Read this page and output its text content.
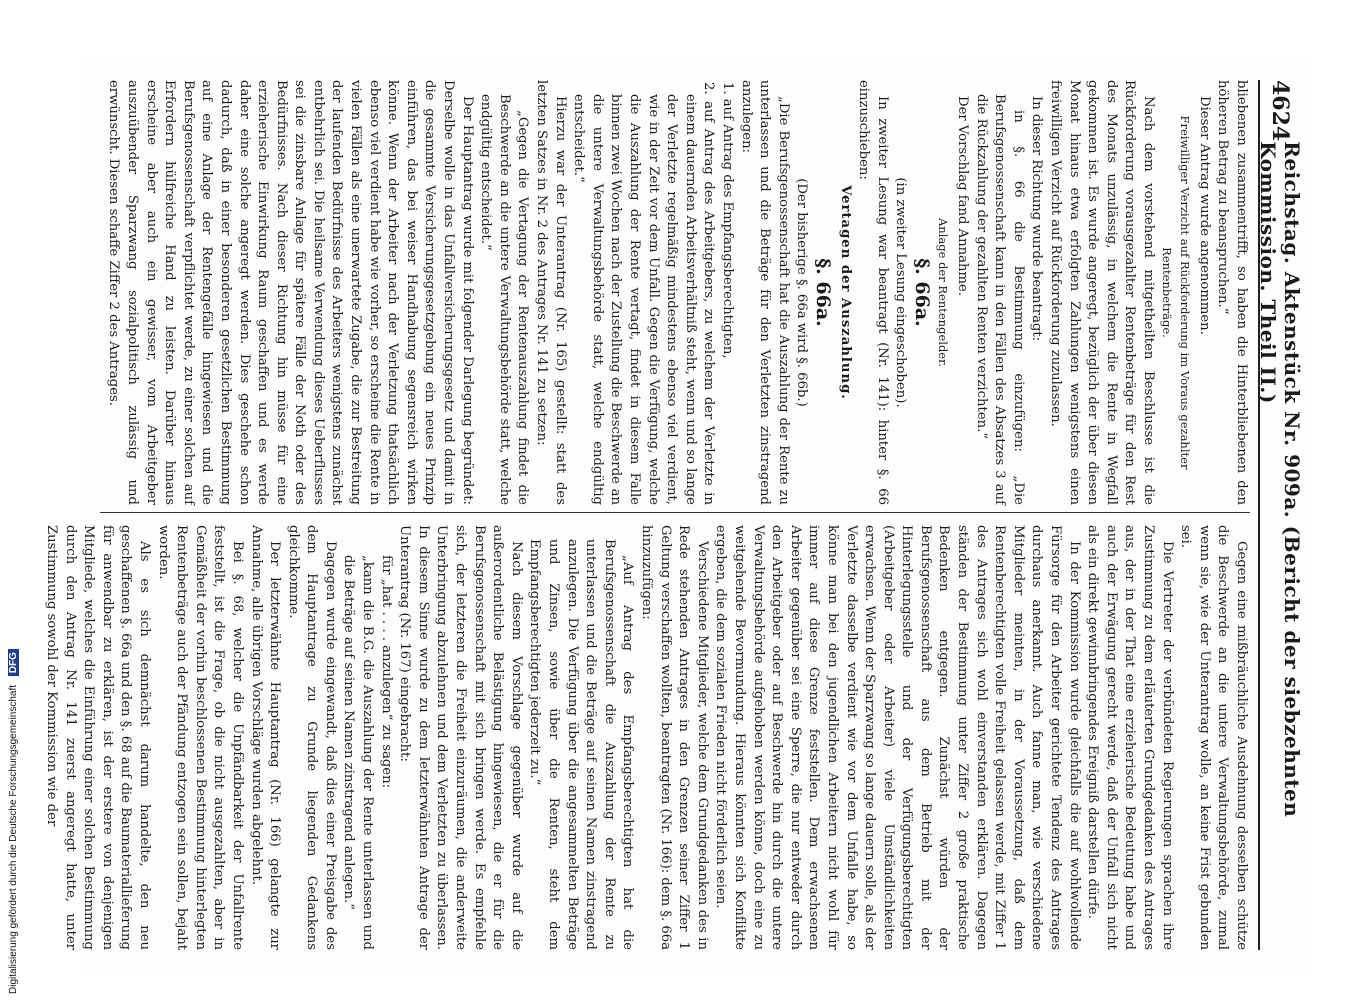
4624
Reichstag. Aktenstück Nr. 909a. (Bericht der siebzehnten Kommission. Theil II.)

bliebenen zusammentrifft, so haben die Hinterbliebenen den höheren Betrag zu beanspruchen.“

Dieser Antrag wurde angenommen.

Freiwilliger Verzicht auf Rückforderung im Voraus gezahlter Rentenbeträge.

Nach dem vorstehend mitgetheilten Beschlusse ist die Rückforderung vorausgezahlter Rentenbeträge für den Rest des Monats unzulässig, in welchem die Rente in Wegfall gekommen ist. Es wurde angeregt, bezüglich der über diesen Monat hinaus etwa erfolgten Zahlungen wenigstens einen freiwilligen Verzicht auf Rückforderung zuzulassen.

In dieser Richtung wurde beantragt:

in §. 66 die Bestimmung einzufügen: „Die Berufsgenossenschaft kann in den Fällen des Absatzes 3 auf die Rückzahlung der gezahlten Renten verzichten.“

Der Vorschlag fand Annahme.

Anlage der Rentengelder.

§. 66a.

(in zweiter Lesung eingeschoben).

In zweiter Lesung war beantragt (Nr. 141): hinter §. 66 einzuschieben:

Vertagen der Auszahlung.

§. 66a.

(Der bisherige §. 66a wird §. 66b.)

„Die Berufsgenossenschaft hat die Auszahlung der Rente zu unterlassen und die Beträge für den Verletzten zinstragend anzulegen:

1. auf Antrag des Empfangsberechtigten,

2. auf Antrag des Arbeitgebers, zu welchem der Verletzte in einem dauernden Arbeitsverhältniß steht, wenn und so lange der Verletzte regelmäßig mindestens ebenso viel verdient, wie in der Zeit vor dem Unfall. Gegen die Verfügung, welche die Auszahlung der Rente vertagt, findet in diesem Falle binnen zwei Wochen nach der Zustellung die Beschwerde an die untere Verwaltungsbehörde statt, welche endgültig entscheidet.“

Hierzu war der Unterantrag (Nr. 165) gestellt: statt des letzten Satzes in Nr. 2 des Antrages Nr. 141 zu setzen:

„Gegen die Vertagung der Rentenauszahlung findet die Beschwerde an die untere Verwaltungsbehörde statt, welche endgültig entscheidet.“

Der Hauptantrag wurde mit folgender Darlegung begründet: Derselbe wolle in das Unfallversicherungsgesetz und damit in die gesammte Versicherungsgesetzgebung ein neues Prinzip einführen, das bei weiser Handhabung segensreich wirken könne. Wenn der Arbeiter nach der Verletzung thatsächlich ebenso viel verdient habe wie vorher, so erscheine die Rente in vielen Fällen als eine unerwartete Zugabe, die zur Bestreitung der laufenden Bedürfnisse des Arbeiters wenigstens zunächst entbehrlich sei. Die heilsame Verwendung dieses Ueberflusses sei die zinsbare Anlage für spätere Fälle der Noth oder des Bedürfnisses. Nach dieser Richtung hin müsse für eine erzieherische Einwirkung Raum geschaffen und es werde daher eine solche angeregt werden. Dies geschehe schon dadurch, daß in einer besonderen gesetzlichen Bestimmung auf eine Anlage der Rentengefälle hingewiesen und die Berufsgenossenschaft verpflichtet werde, zu einer solchen auf Erfordern hülfreiche Hand zu leisten. Darüber hinaus erscheine aber auch ein gewisser, vom Arbeitgeber auszuübender Sparzwang sozialpolitisch zulässig und erwünscht. Diesen schaffe Ziffer 2 des Antrages.

Gegen eine mißbräuchliche Ausdehnung desselben schütze die Beschwerde an die untere Verwaltungsbehörde, zumal wenn sie, wie der Unterantrag wolle, an keine Frist gebunden sei.

Die Vertreter der verbündeten Regierungen sprachen ihre Zustimmung zu dem erläuterten Grundgedanken des Antrages aus, der in der That eine erzieherische Bedeutung habe und auch der Erwägung gerecht werde, daß der Unfall sich nicht als ein direkt gewinnbringendes Ereigniß darstellen dürfe.

In der Kommission wurde gleichfalls die auf wohlwollende Fürsorge für den Arbeiter gerichtete Tendenz des Antrages durchaus anerkannt. Auch fanne man, wie verschiedene Mitglieder meinten, in der Voraussetzung, daß dem Rentenberechtigten volle Freiheit gelassen werde, mit Ziffer 1 des Antrages sich wohl einverstanden erklären. Dagegen ständen der Bestimmung unter Ziffer 2 große praktische Bedenken entgegen. Zunächst würden der Berufsgenossenschaft aus dem Betrieb mit der Hinterlegungsstelle und der Verfügungsberechtigten (Arbeitgeber oder Arbeiter) viele Umständlichkeiten erwachsen. Wenn der Sparzwang so lange dauern solle, als der Verletzte dasselbe verdient wie vor dem Unfalle habe, so könne man bei den jugendlichen Arbeitern nicht wohl für immer auf diese Grenze feststellen. Dem erwachsenen Arbeiter gegenüber sei eine Sperre, die nur entweder durch den Arbeitgeber oder auf Beschwerde hin durch die untere Verwaltungsbehörde aufgehoben werden könne, doch eine zu weitgehende Bevormundung. Hieraus könnten sich Konflikte ergeben, die dem sozialen Frieden nicht förderlich seien.

Verschiedene Mitglieder, welche dem Grundgedanken des in Rede stehenden Antrages in den Grenzen seiner Ziffer 1 Geltung verschaffen wollten, beantragten (Nr. 166): dem §. 66a hinzuzufügen:

„Auf Antrag des Empfangsberechtigten hat die Berufsgenossenschaft die Auszahlung der Rente zu unterlassen und die Beträge auf seinen Namen zinstragend anzulegen. Die Verfügung über die angesammelten Beträge und Zinsen, sowie über die Renten, steht dem Empfangsberechtigten jederzeit zu.“

Nach diesem Vorschlage gegenüber wurde auf die außerordentliche Belästigung hingewiesen, die er für die Berufsgenossenschaft mit sich bringen werde. Es empfehle sich, der letzteren die Freiheit einzuräumen, die anderweite Unterbringung abzulehnen und dem Verletzten zu überlassen. In diesem Sinne wurde zu dem letzterwähnten Antrage der Unterantrag (Nr. 167) eingebracht:

für „hat . . . . anzulegen“ zu sagen:

„kann die B.G. die Auszahlung der Rente unterlassen und die Beträge auf seinen Namen zinstragend anlegen.“

Dagegen wurde eingewandt, daß dies einer Preisgabe des dem Hauptantrage zu Grunde liegenden Gedankens gleichkomme.

Der letzterwähnte Hauptantrag (Nr. 166) gelangte zur Annahme, alle übrigen Vorschläge wurden abgelehnt.

Bei §. 68, welcher die Unpfändbarkeit der Unfallrente feststellt, ist die Frage, ob die nicht ausgezahlten, aber in Gemäßheit der vorhin beschlossenen Bestimmung hinterlegten Rentenbeträge auch der Pfändung entzogen sein sollen, bejaht worden.

Als es sich demnächst darum handelte, den neu geschaffenen §. 66a und den §. 68 auf die Baumateriallieferung für anwendbar zu erklären, ist der erstere von denjenigen Mitgliede, welches die Einführung einer solchen Bestimmung durch den Antrag Nr. 141 zuerst angeregt hatte, unter Zustimmung sowohl der Kommission wie der

Digitalisierung gefördert durch die Deutsche Forschungsgemeinschaft DFG
